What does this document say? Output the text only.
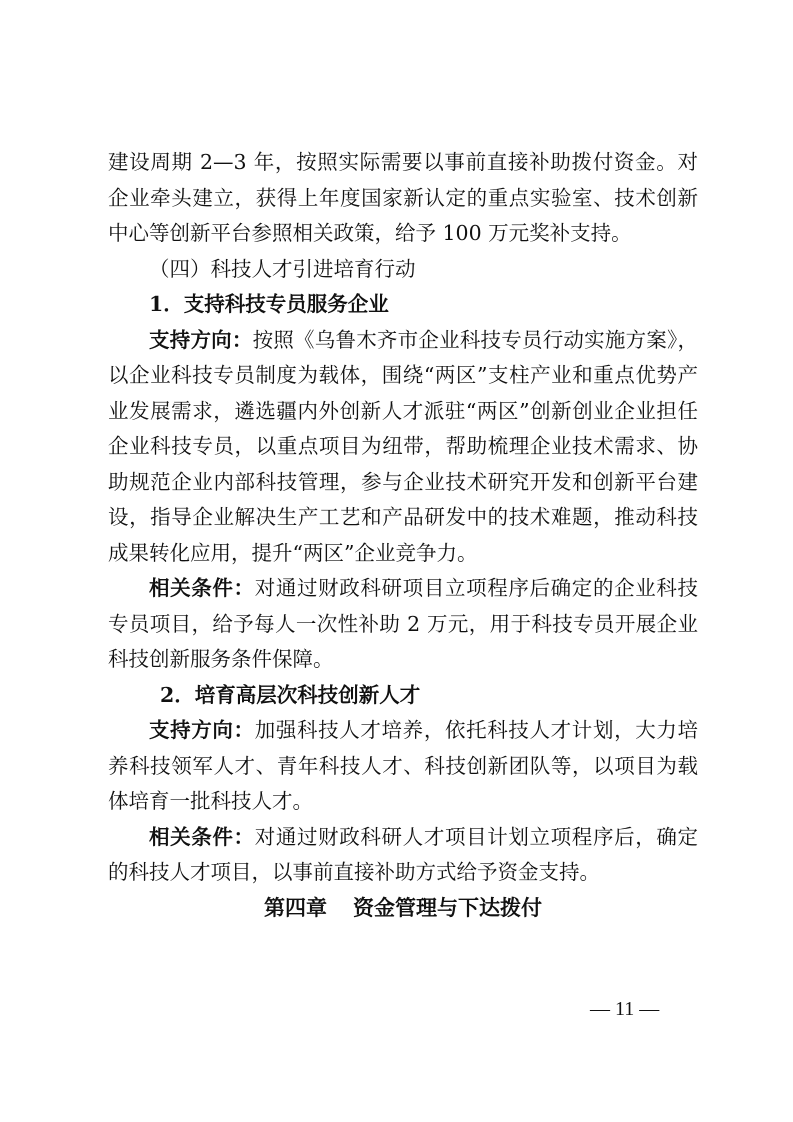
建设周期 2—3 年，按照实际需要以事前直接补助拨付资金。对企业牵头建立，获得上年度国家新认定的重点实验室、技术创新中心等创新平台参照相关政策，给予 100 万元奖补支持。

（四）科技人才引进培育行动

1．支持科技专员服务企业

支持方向：按照《乌鲁木齐市企业科技专员行动实施方案》，以企业科技专员制度为载体，围绕“两区”支柱产业和重点优势产业发展需求，遴选疆内外创新人才派驻“两区”创新创业企业担任企业科技专员，以重点项目为纽带，帮助梳理企业技术需求、协助规范企业内部科技管理，参与企业技术研究开发和创新平台建设，指导企业解决生产工艺和产品研发中的技术难题，推动科技成果转化应用，提升“两区”企业竞争力。

相关条件：对通过财政科研项目立项程序后确定的企业科技专员项目，给予每人一次性补助 2 万元，用于科技专员开展企业科技创新服务条件保障。

2．培育高层次科技创新人才

支持方向：加强科技人才培养，依托科技人才计划，大力培养科技领军人才、青年科技人才、科技创新团队等，以项目为载体培育一批科技人才。

相关条件：对通过财政科研人才项目计划立项程序后，确定的科技人才项目，以事前直接补助方式给予资金支持。

第四章 资金管理与下达拨付

— 11 —
